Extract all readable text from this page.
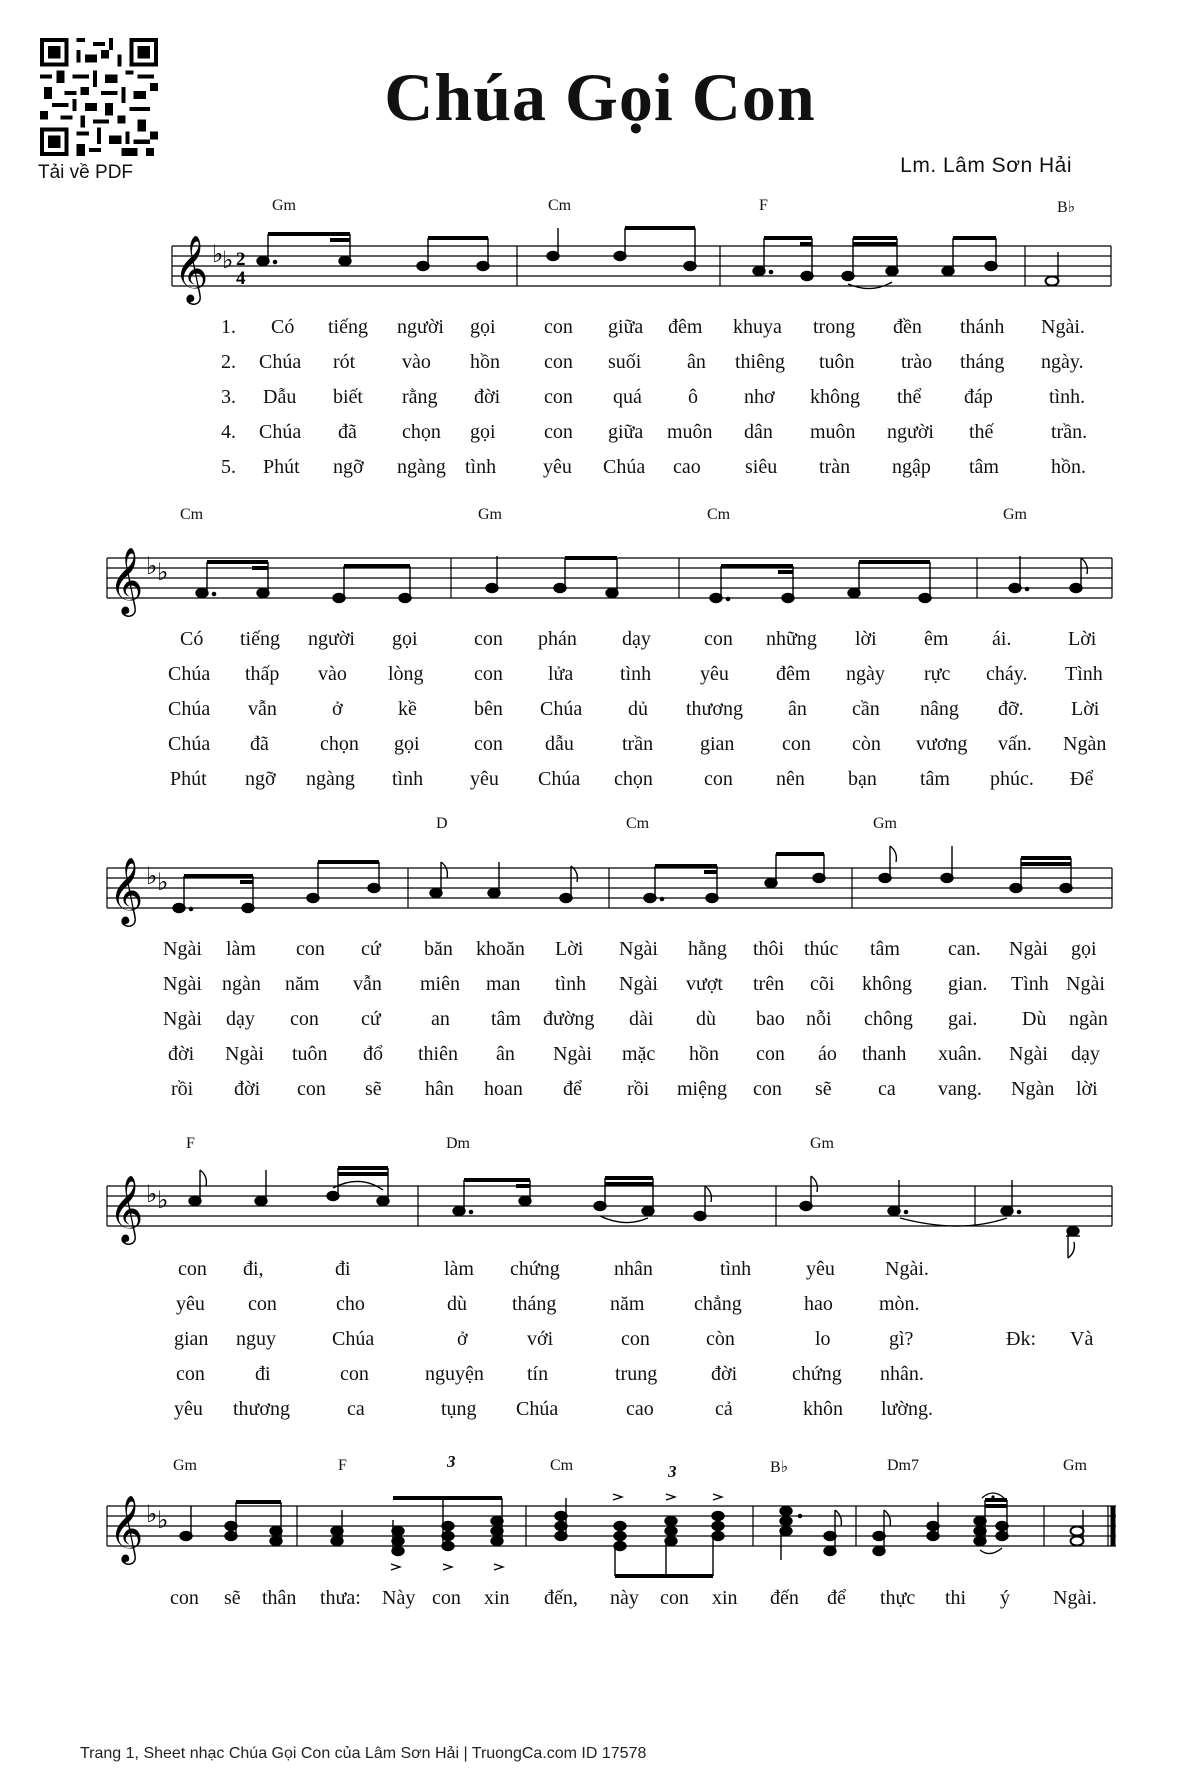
Tải về PDF
Chúa Gọi Con
Lm. Lâm Sơn Hải
Gm	Cm	F	B♭
𝄞 ♭
♭ 2
4
1. Có tiếng người gọi con giữa đêm khuya trong đền thánh Ngài.
2. Chúa rót vào hồn con suối ân thiêng tuôn trào tháng ngày.
3. Dẫu biết rằng đời con quá ô nhơ không thể đáp	tình.
4. Chúa đã chọn gọi con giữa muôn dân muôn người thế	trần.
5. Phút ngỡ ngàng tình yêu Chúa cao siêu tràn ngập tâm	hồn.
Cm	Gm	Cm	Gm
𝄞 ♭ ♭
Có tiếng người gọi	con phán dạy	con những lời êm ái.	Lời
Chúa thấp vào lòng	con lửa tình yêu đêm ngày rực cháy. Tình
Chúa vẫn	ở	kề	bên Chúa dủ thương ân cần nâng đỡ. Lời
Chúa đã	chọn gọi	con dẫu trần gian con còn vương vấn. Ngàn
Phút ngỡ ngàng tình yêu Chúa chọn	con nên bạn tâm phúc. Để
D	Cm	Gm
𝄞 ♭ ♭
Ngài làm con cứ băn khoăn Lời Ngài hằng thôi thúc tâm can. Ngài gọi
Ngài ngàn năm vẫn miên man tình Ngài vượt trên cõi không gian. Tình Ngài
Ngài dạy con cứ	an tâm đường dài dù bao nỗi chông gai. Dù ngàn
đời Ngài tuôn đổ thiên ân Ngài mặc hồn con áo thanh xuân. Ngài dạy
rồi đời con sẽ hân hoan để rồi miệng con sẽ ca vang. Ngàn lời
F	Dm	Gm
𝄞 ♭ ♭
con đi,	đi	làm chứng	nhân	tình	yêu	Ngài.
yêu con	cho	dù tháng	năm chẳng	hao mòn.
gian nguy	Chúa	ở	với	con	còn	lo	gì?	Đk: Và
con	đi	con	nguyện tín	trung	đời	chứng nhân.
yêu thương	ca	tụng Chúa	cao	cả	khôn lường.
Gm	F	Cm	B♭	Dm7	Gm
3
3
𝄞 ♭ ♭
con sẽ thân thưa: Này con xin đến, này con xin đến để thực thi ý Ngài.
Trang 1, Sheet nhạc Chúa Gọi Con của Lâm Sơn Hải | TruongCa.com ID 17578
